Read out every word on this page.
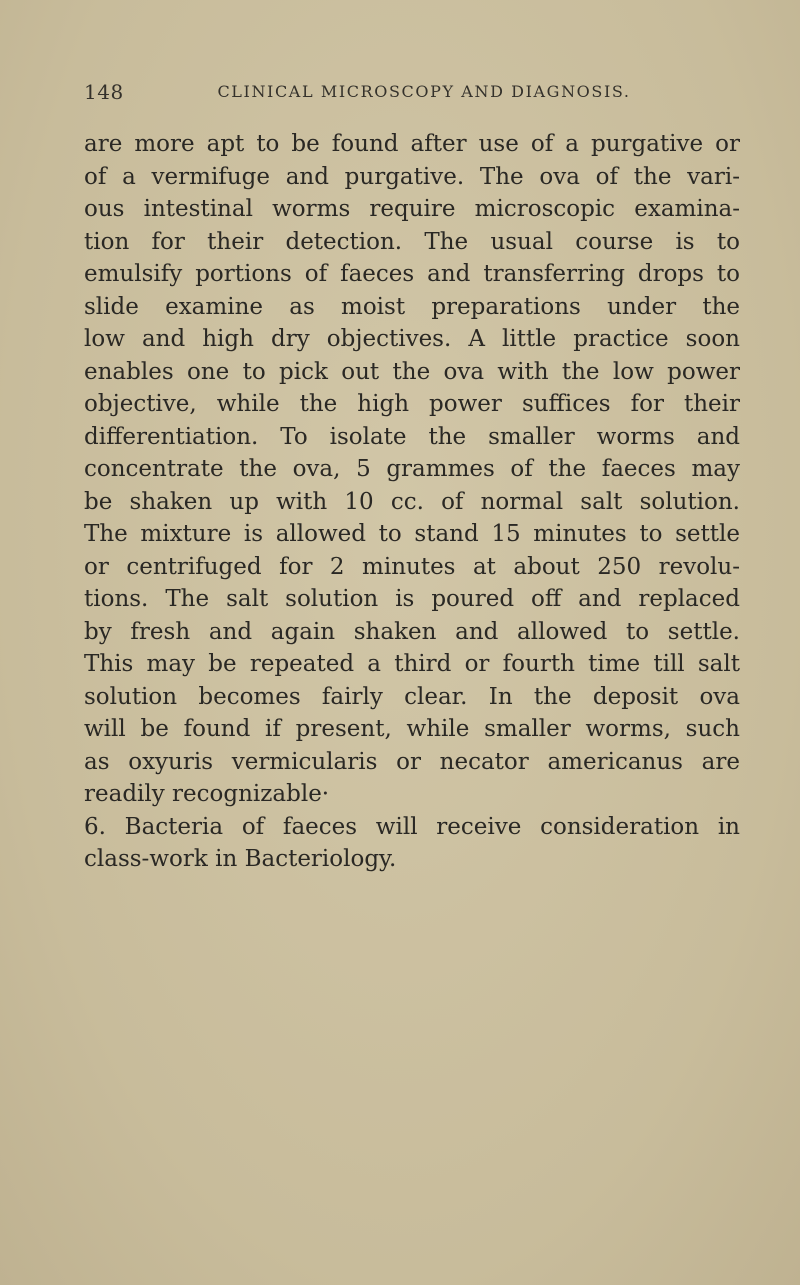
148	CLINICAL MICROSCOPY AND DIAGNOSIS.

are more apt to be found after use of a purgative or
of a vermifuge and purgative. The ova of the vari-
ous intestinal worms require microscopic examina-
tion for their detection. The usual course is to
emulsify portions of faeces and transferring drops to
slide examine as moist preparations under the
low and high dry objectives. A little practice soon
enables one to pick out the ova with the low power
objective, while the high power suffices for their
differentiation. To isolate the smaller worms and
concentrate the ova, 5 grammes of the faeces may
be shaken up with 10 cc. of normal salt solution.
The mixture is allowed to stand 15 minutes to settle
or centrifuged for 2 minutes at about 250 revolu-
tions. The salt solution is poured off and replaced
by fresh and again shaken and allowed to settle.
This may be repeated a third or fourth time till salt
solution becomes fairly clear. In the deposit ova
will be found if present, while smaller worms, such
as oxyuris vermicularis or necator americanus are
readily recognizable·

6. Bacteria of faeces will receive consideration in
class-work in Bacteriology.
